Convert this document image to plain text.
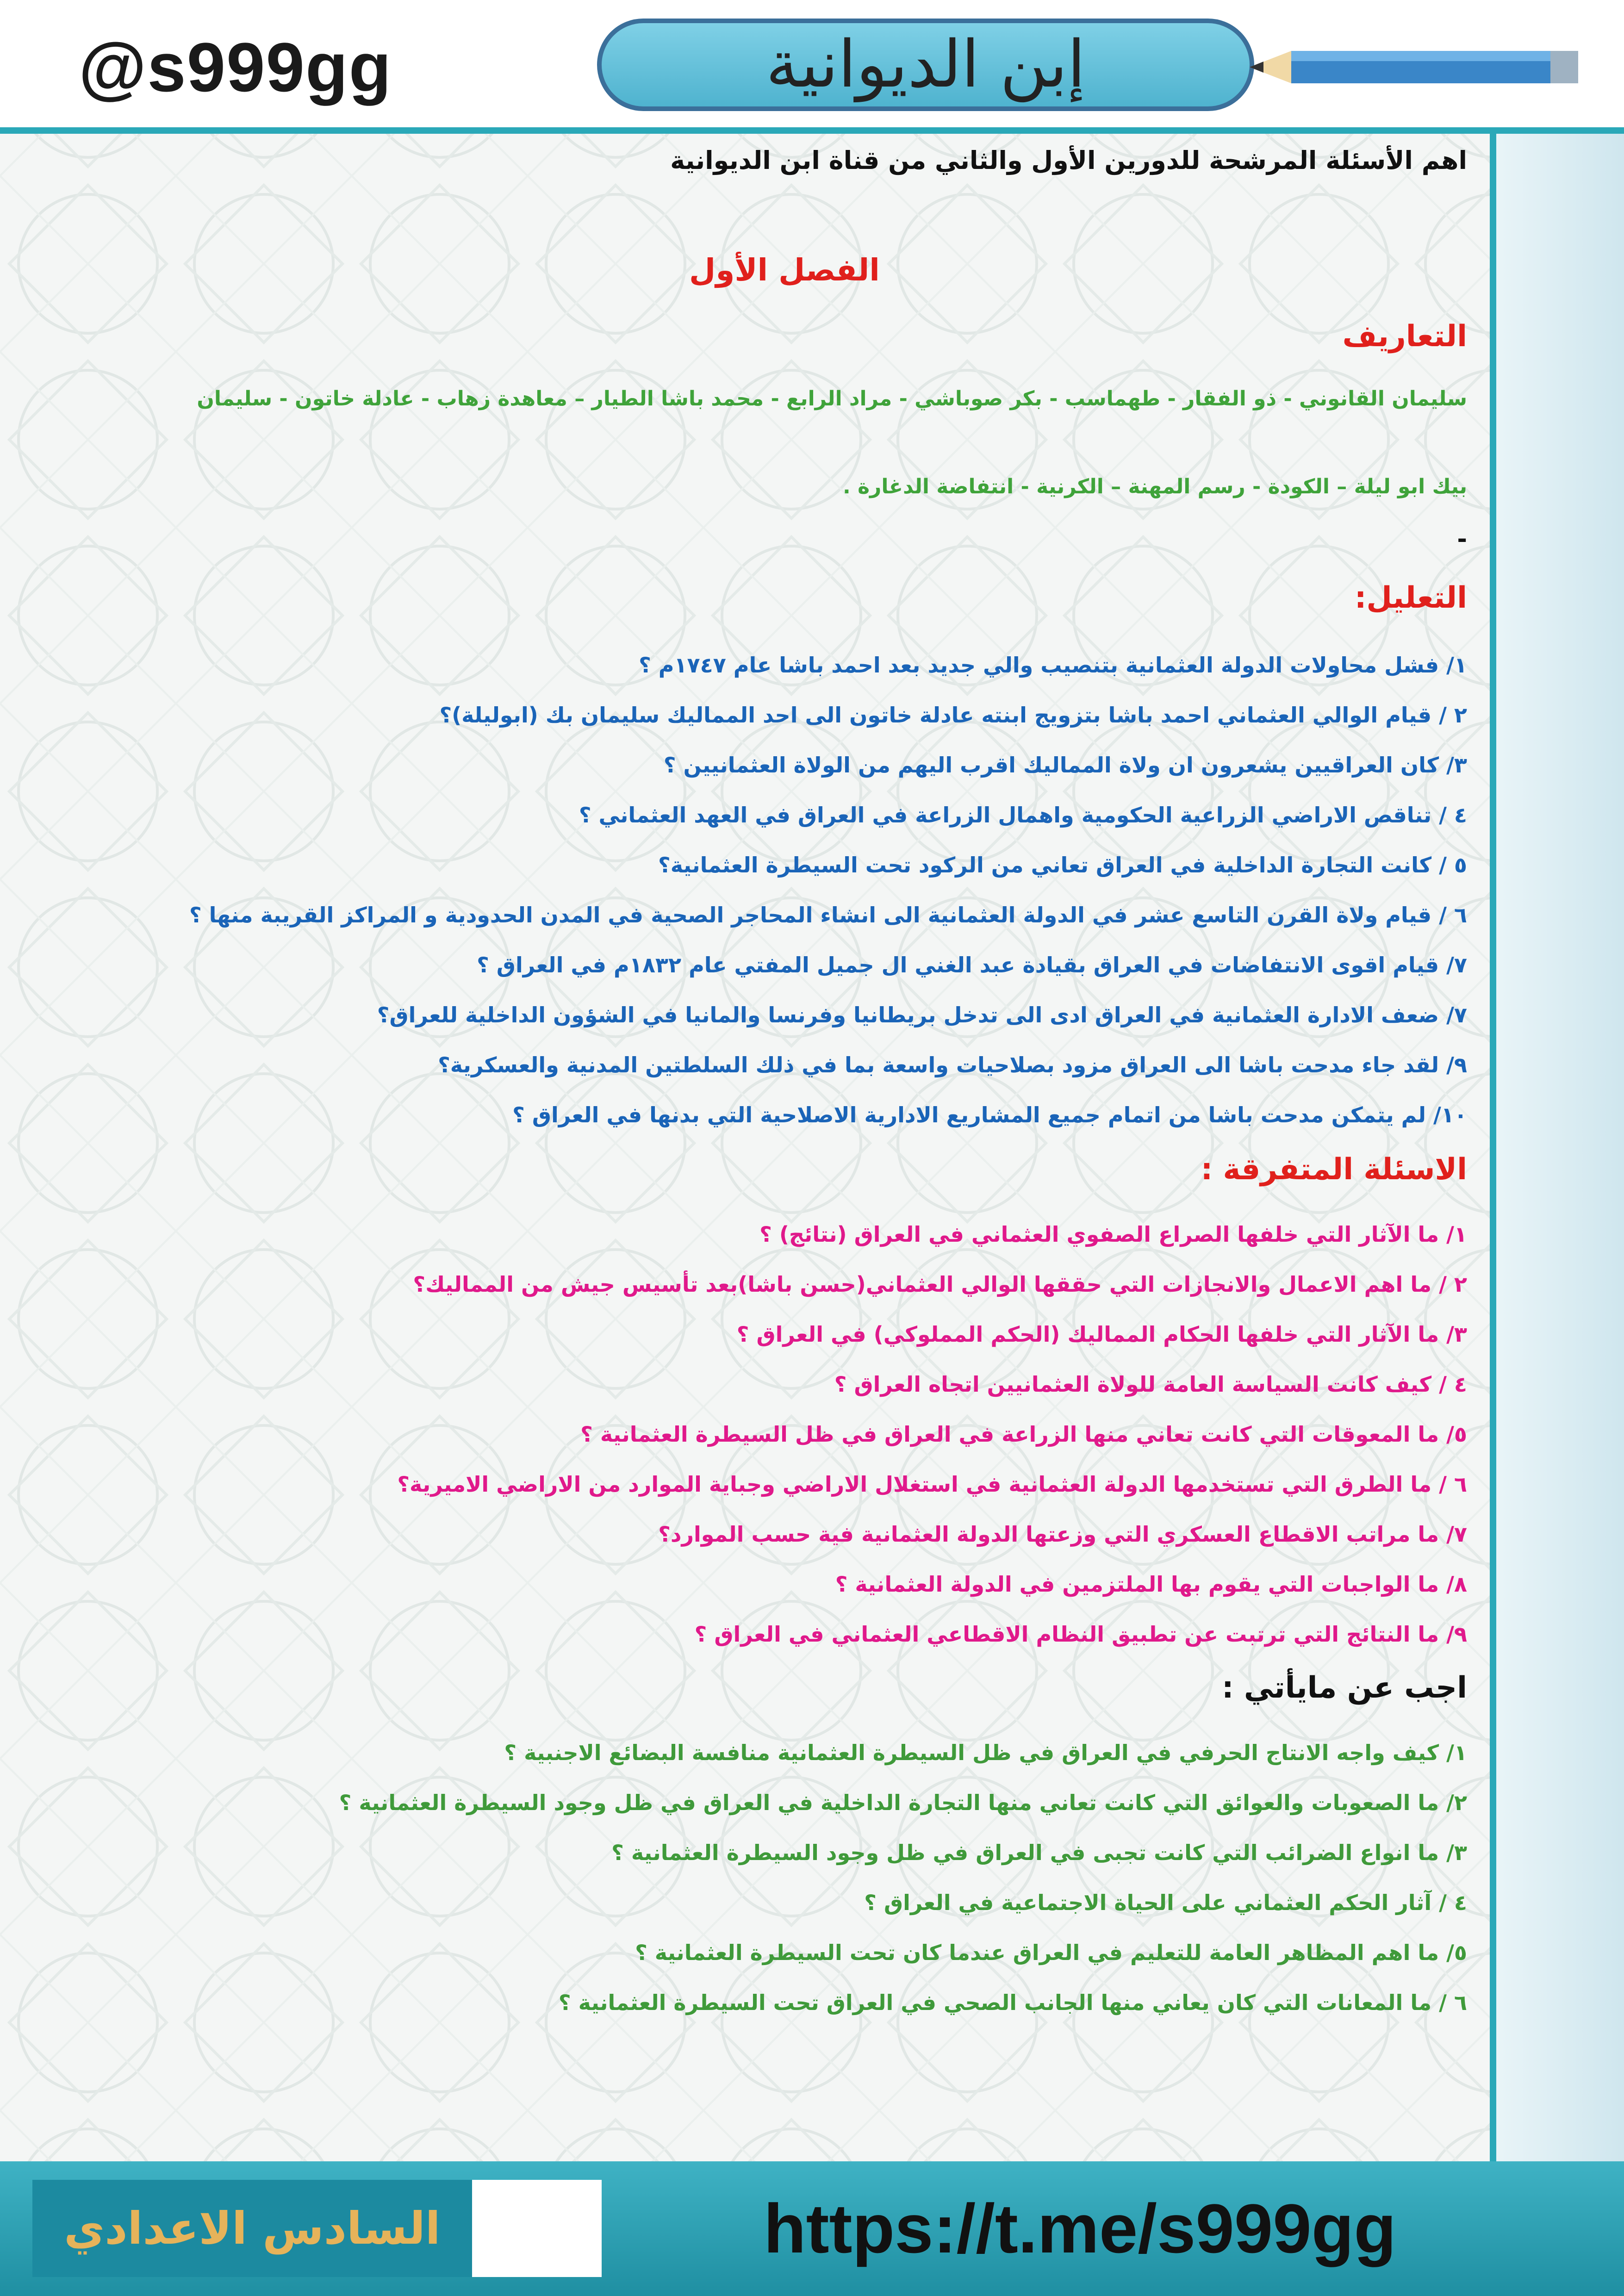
@s999gg	إبن الديوانية
اهم الأسئلة المرشحة للدورين الأول والثاني من قناة ابن الديوانية
الفصل الأول
التعاريف
سليمان القانوني - ذو الفقار - طهماسب - بكر صوباشي - مراد الرابع - محمد باشا الطيار – معاهدة زهاب - عادلة خاتون - سليمان
بيك ابو ليلة – الكودة - رسم المهنة – الكرنية - انتفاضة الدغارة .
-
التعليل:
١/ فشل محاولات الدولة العثمانية بتنصيب والي جديد بعد احمد باشا عام ١٧٤٧م ؟
٢ / قيام الوالي العثماني احمد باشا بتزويج ابنته عادلة خاتون الى احد المماليك سليمان بك (ابوليلة)؟
٣/ كان العراقيين يشعرون ان ولاة المماليك اقرب اليهم من الولاة العثمانيين ؟
٤ / تناقص الاراضي الزراعية الحكومية واهمال الزراعة في العراق في العهد العثماني ؟
٥ / كانت التجارة الداخلية في العراق تعاني من الركود تحت السيطرة العثمانية؟
٦ / قيام ولاة القرن التاسع عشر في الدولة العثمانية الى انشاء المحاجر الصحية في المدن الحدودية و المراكز القريبة منها ؟
٧/ قيام اقوى الانتفاضات في العراق بقيادة عبد الغني ال جميل المفتي عام ١٨٣٢م في العراق ؟
٧/ ضعف الادارة العثمانية في العراق ادى الى تدخل بريطانيا وفرنسا والمانيا في الشؤون الداخلية للعراق؟
٩/ لقد جاء مدحت باشا الى العراق مزود بصلاحيات واسعة بما في ذلك السلطتين المدنية والعسكرية؟
١٠/ لم يتمكن مدحت باشا من اتمام جميع المشاريع الادارية الاصلاحية التي بدنها في العراق ؟
الاسئلة المتفرقة :
١/ ما الآثار التي خلفها الصراع الصفوي العثماني في العراق (نتائج) ؟
٢ / ما اهم الاعمال والانجازات التي حققها الوالي العثماني(حسن باشا)بعد تأسيس جيش من المماليك؟
٣/ ما الآثار التي خلفها الحكام المماليك (الحكم المملوكي) في العراق ؟
٤ / كيف كانت السياسة العامة للولاة العثمانيين اتجاه العراق ؟
٥/ ما المعوقات التي كانت تعاني منها الزراعة في العراق في ظل السيطرة العثمانية ؟
٦ / ما الطرق التي تستخدمها الدولة العثمانية في استغلال الاراضي وجباية الموارد من الاراضي الاميرية؟
٧/ ما مراتب الاقطاع العسكري التي وزعتها الدولة العثمانية فية حسب الموارد؟
٨/ ما الواجبات التي يقوم بها الملتزمين في الدولة العثمانية ؟
٩/ ما النتائج التي ترتبت عن تطبيق النظام الاقطاعي العثماني في العراق ؟
اجب عن مايأتي :
١/ كيف واجه الانتاج الحرفي في العراق في ظل السيطرة العثمانية منافسة البضائع الاجنبية ؟
٢/ ما الصعوبات والعوائق التي كانت تعاني منها التجارة الداخلية في العراق في ظل وجود السيطرة العثمانية ؟
٣/ ما انواع الضرائب التي كانت تجبى في العراق في ظل وجود السيطرة العثمانية ؟
٤ / آثار الحكم العثماني على الحياة الاجتماعية في العراق ؟
٥/ ما اهم المظاهر العامة للتعليم في العراق عندما كان تحت السيطرة العثمانية ؟
٦ / ما المعانات التي كان يعاني منها الجانب الصحي في العراق تحت السيطرة العثمانية ؟
السادس الاعدادي	https://t.me/s999gg
